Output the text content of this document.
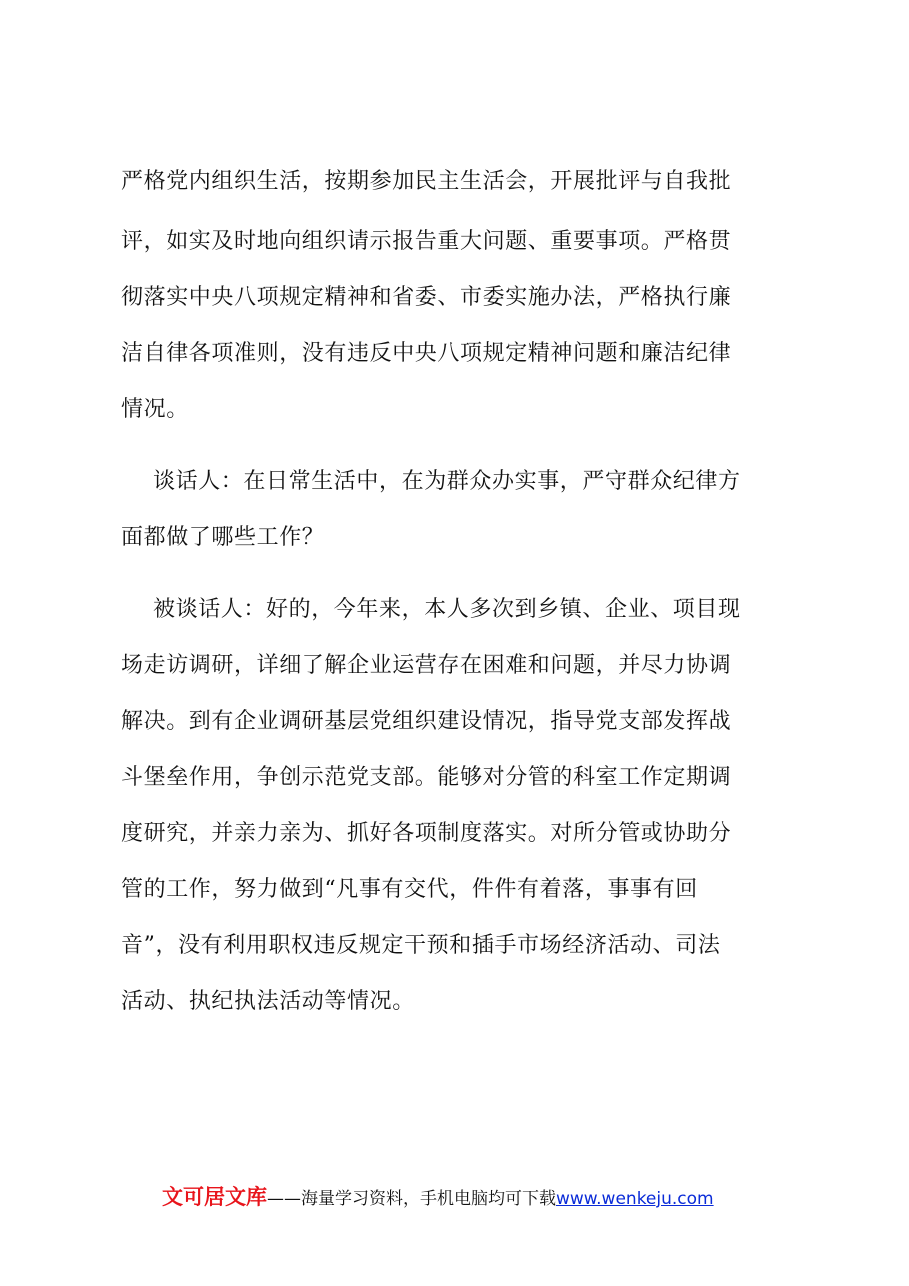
严格党内组织生活，按期参加民主生活会，开展批评与自我批
评，如实及时地向组织请示报告重大问题、重要事项。严格贯
彻落实中央八项规定精神和省委、市委实施办法，严格执行廉
洁自律各项准则，没有违反中央八项规定精神问题和廉洁纪律
情况。
谈话人：在日常生活中，在为群众办实事，严守群众纪律方
面都做了哪些工作？
被谈话人：好的，今年来，本人多次到乡镇、企业、项目现
场走访调研，详细了解企业运营存在困难和问题，并尽力协调
解决。到有企业调研基层党组织建设情况，指导党支部发挥战
斗堡垒作用，争创示范党支部。能够对分管的科室工作定期调
度研究，并亲力亲为、抓好各项制度落实。对所分管或协助分
管的工作，努力做到“凡事有交代，件件有着落，事事有回
音”，没有利用职权违反规定干预和插手市场经济活动、司法
活动、执纪执法活动等情况。
文可居文库——海量学习资料，手机电脑均可下载www.wenkeju.com
